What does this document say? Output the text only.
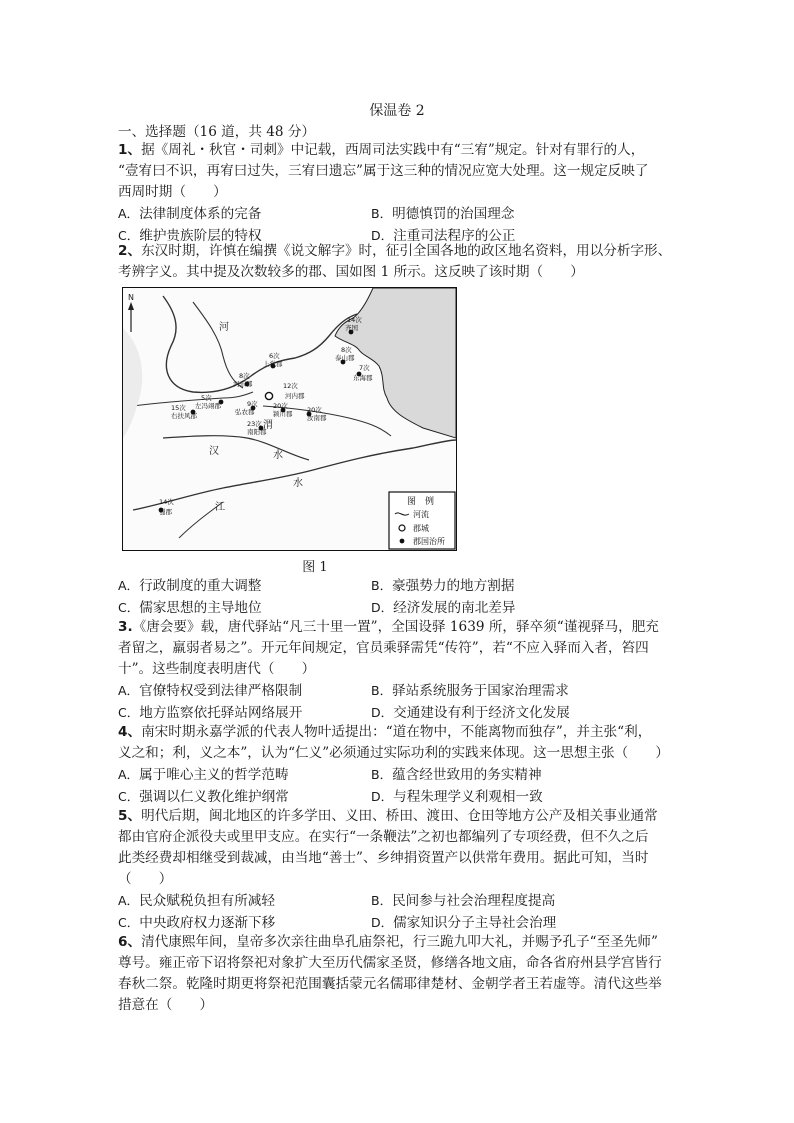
保温卷 2
一、选择题（16 道，共 48 分）

1、据《周礼・秋官・司刺》中记载，西周司法实践中有“三宥”规定。针对有罪行的人，
“壹宥曰不识，再宥曰过失，三宥曰遗忘”属于这三种的情况应宽大处理。这一规定反映了
西周时期（　　）

A．法律制度体系的完备	B．明德慎罚的治国理念
C．维护贵族阶层的特权	D．注重司法程序的公正

2、东汉时期，许慎在编撰《说文解字》时，征引全国各地的政区地名资料，用以分析字形、
考辨字义。其中提及次数较多的郡、国如图 1 所示。这反映了该时期（　　）

N
河
渭
汉	水
江
水
14次
齐国
8次
泰山郡
7次
东海郡
6次
上党郡
8次
河东郡	12次
河内郡
5次
左冯翊郡
15次
右扶风郡
9次
弘农郡
20次
颍川郡 20次
汝南郡
23次
南阳郡
14次
蜀郡
图　例
河流
郡城
郡国治所
图 1
A．行政制度的重大调整	B．豪强势力的地方割据
C．儒家思想的主导地位	D．经济发展的南北差异

3.《唐会要》载，唐代驿站“凡三十里一置”，全国设驿 1639 所，驿卒须“谨视驿马，肥充
者留之，羸弱者易之”。开元年间规定，官员乘驿需凭“传符”，若“不应入驿而入者，笞四
十”。这些制度表明唐代（　　）

A．官僚特权受到法律严格限制	B．驿站系统服务于国家治理需求
C．地方监察依托驿站网络展开	D．交通建设有利于经济文化发展

4、南宋时期永嘉学派的代表人物叶适提出：“道在物中，不能离物而独存”，并主张“利，
义之和；利，义之本”，认为“仁义”必须通过实际功利的实践来体现。这一思想主张（　　）

A．属于唯心主义的哲学范畴	B．蕴含经世致用的务实精神
C．强调以仁义教化维护纲常	D．与程朱理学义利观相一致

5、明代后期，闽北地区的许多学田、义田、桥田、渡田、仓田等地方公产及相关事业通常
都由官府企派役夫或里甲支应。在实行“一条鞭法”之初也都编列了专项经费，但不久之后
此类经费却相继受到裁减，由当地“善士”、乡绅捐资置产以供常年费用。据此可知，当时
（　　）

A．民众赋税负担有所减轻	B．民间参与社会治理程度提高
C．中央政府权力逐渐下移	D．儒家知识分子主导社会治理

6、清代康熙年间，皇帝多次亲往曲阜孔庙祭祀，行三跪九叩大礼，并赐予孔子“至圣先师”
尊号。雍正帝下诏将祭祀对象扩大至历代儒家圣贤，修缮各地文庙，命各省府州县学宫皆行
春秋二祭。乾隆时期更将祭祀范围囊括蒙元名儒耶律楚材、金朝学者王若虚等。清代这些举
措意在（　　）
